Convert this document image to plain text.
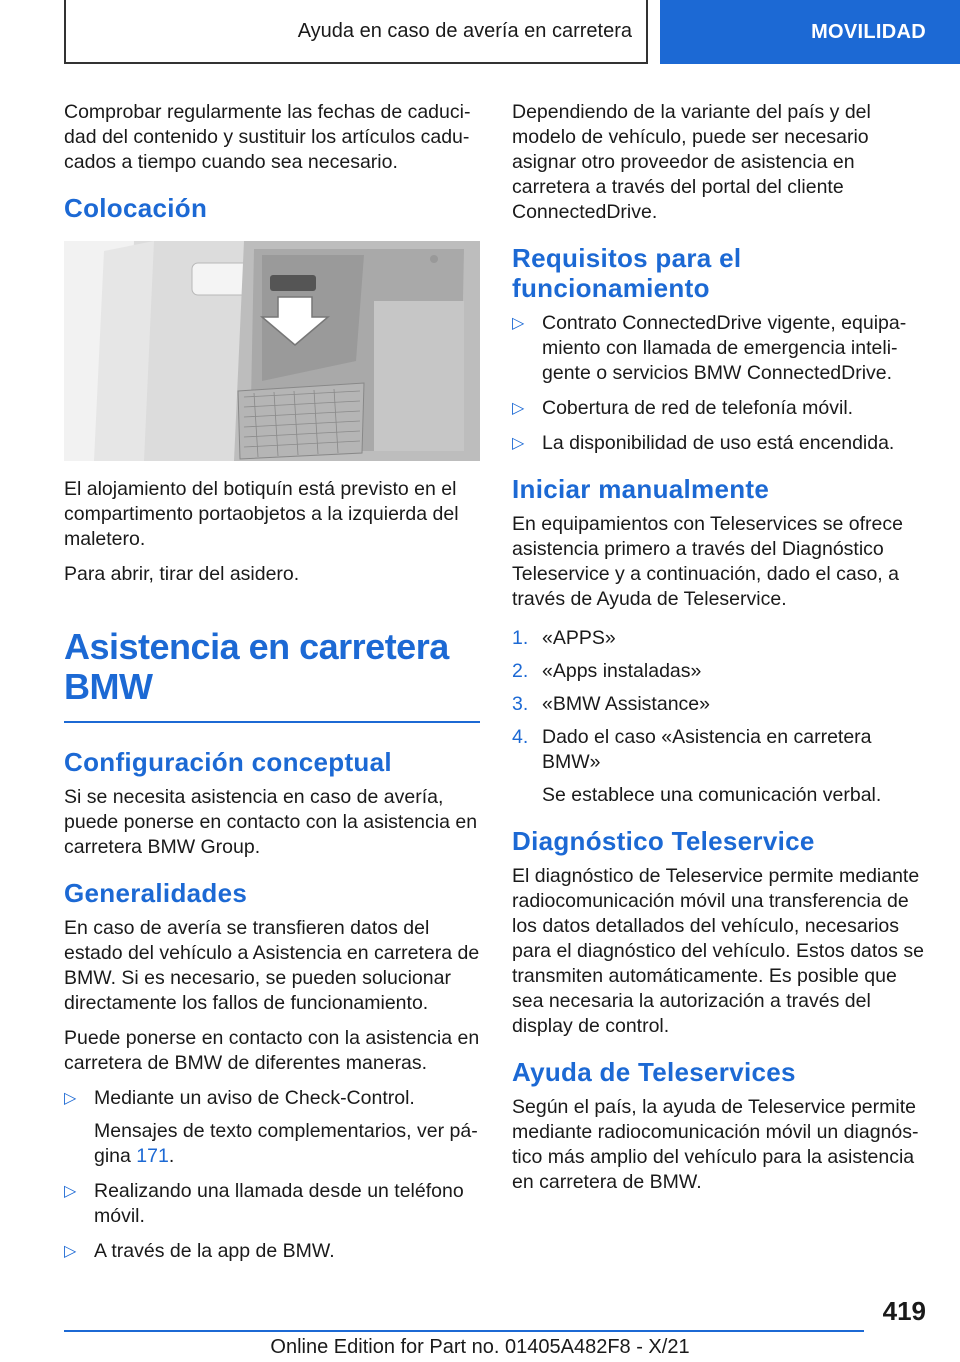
Ayuda en caso de avería en carretera	MOVILIDAD

Comprobar regularmente las fechas de caducidad del contenido y sustituir los artículos caducados a tiempo cuando sea necesario.

Colocación

El alojamiento del botiquín está previsto en el compartimento portaobjetos a la izquierda del maletero.

Para abrir, tirar del asidero.

Asistencia en carretera BMW
Configuración conceptual

Si se necesita asistencia en caso de avería, puede ponerse en contacto con la asistencia en carretera BMW Group.

Generalidades

En caso de avería se transfieren datos del estado del vehículo a Asistencia en carretera de BMW. Si es necesario, se pueden solucionar directamente los fallos de funcionamiento.

Puede ponerse en contacto con la asistencia en carretera de BMW de diferentes maneras.

▷ Mediante un aviso de Check-Control.
Mensajes de texto complementarios, ver página 171.
▷ Realizando una llamada desde un teléfono móvil.
▷ A través de la app de BMW.

Dependiendo de la variante del país y del modelo de vehículo, puede ser necesario asignar otro proveedor de asistencia en carretera a través del portal del cliente ConnectedDrive.

Requisitos para el funcionamiento
▷ Contrato ConnectedDrive vigente, equipamiento con llamada de emergencia inteligente o servicios BMW ConnectedDrive.
▷ Cobertura de red de telefonía móvil.
▷ La disponibilidad de uso está encendida.
Iniciar manualmente

En equipamientos con Teleservices se ofrece asistencia primero a través del Diagnóstico Teleservice y a continuación, dado el caso, a través de Ayuda de Teleservice.

1. «APPS»
2. «Apps instaladas»
3. «BMW Assistance»
4. Dado el caso «Asistencia en carretera BMW»
Se establece una comunicación verbal.
Diagnóstico Teleservice

El diagnóstico de Teleservice permite mediante radiocomunicación móvil una transferencia de los datos detallados del vehículo, necesarios para el diagnóstico del vehículo. Estos datos se transmiten automáticamente. Es posible que sea necesaria la autorización a través del display de control.

Ayuda de Teleservices

Según el país, la ayuda de Teleservice permite mediante radiocomunicación móvil un diagnóstico más amplio del vehículo para la asistencia en carretera de BMW.

419
Online Edition for Part no. 01405A482F8 - X/21
